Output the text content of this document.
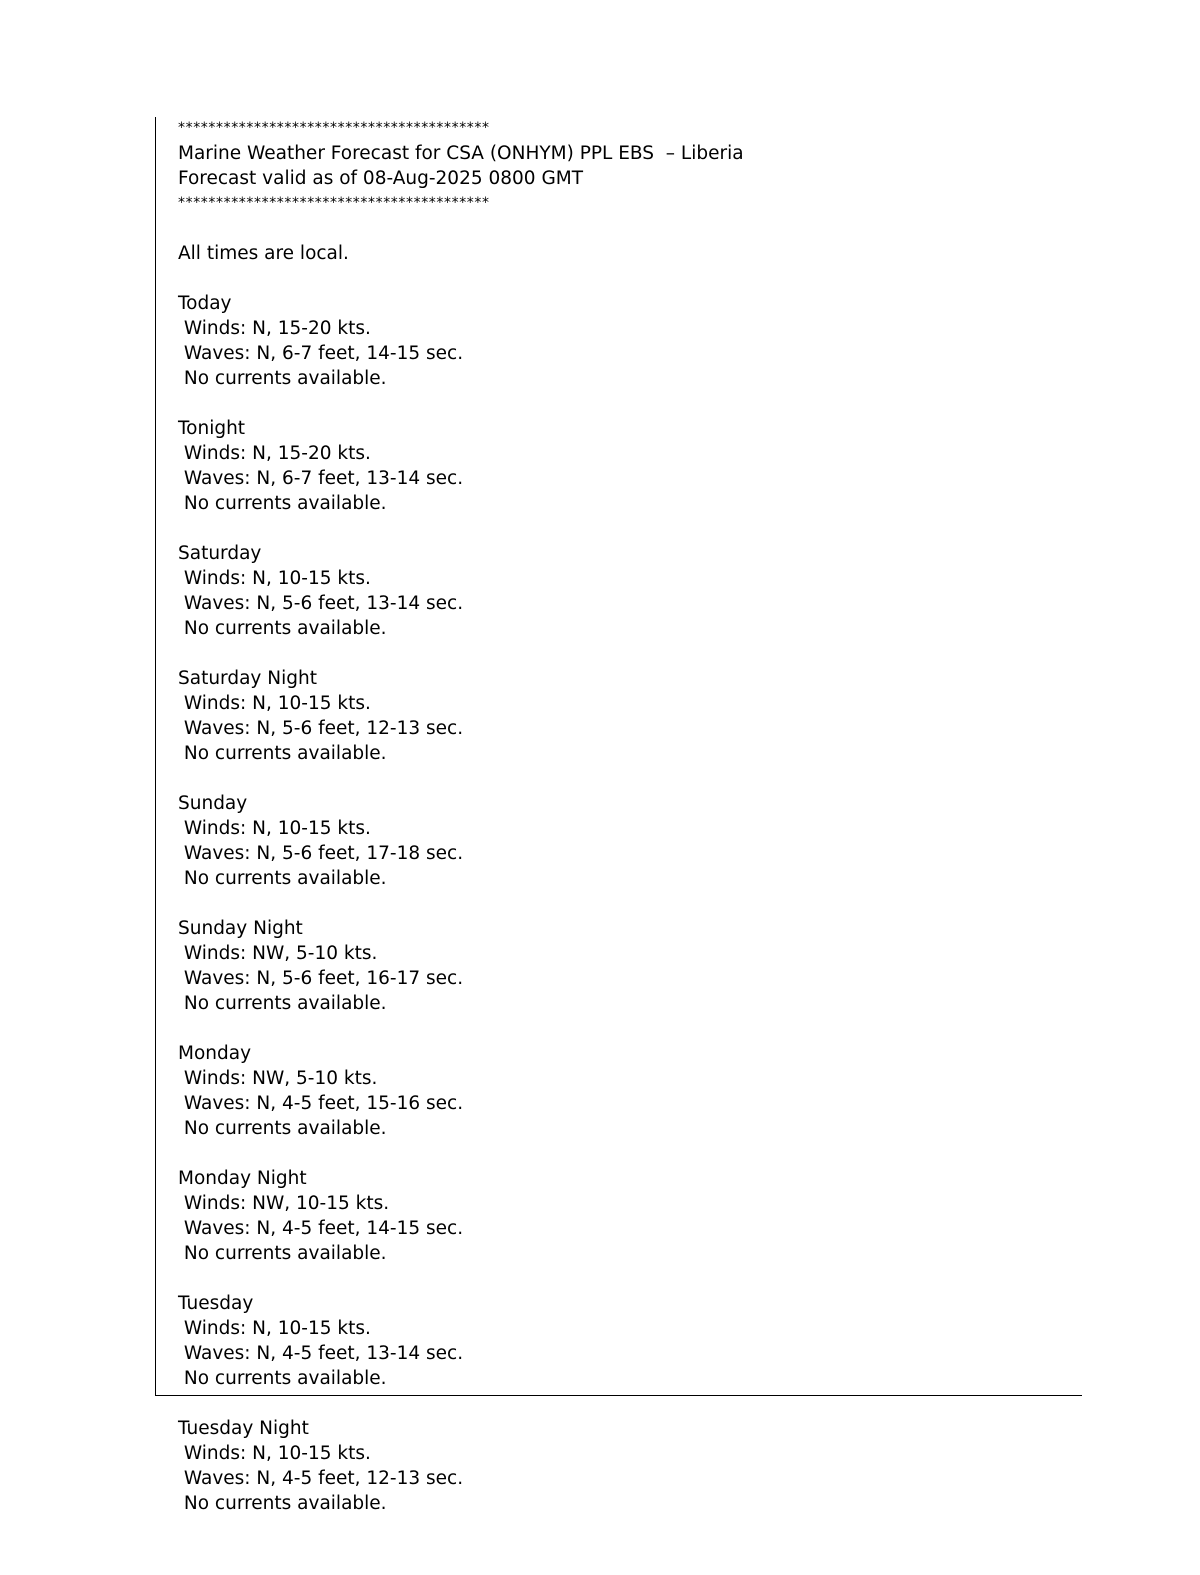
*****************************************
Marine Weather Forecast for CSA (ONHYM) PPL EBS  – Liberia
Forecast valid as of 08-Aug-2025 0800 GMT
*****************************************
All times are local.
Today
Winds: N, 15-20 kts.
Waves: N, 6-7 feet, 14-15 sec.
No currents available.
Tonight
Winds: N, 15-20 kts.
Waves: N, 6-7 feet, 13-14 sec.
No currents available.
Saturday
Winds: N, 10-15 kts.
Waves: N, 5-6 feet, 13-14 sec.
No currents available.
Saturday Night
Winds: N, 10-15 kts.
Waves: N, 5-6 feet, 12-13 sec.
No currents available.
Sunday
Winds: N, 10-15 kts.
Waves: N, 5-6 feet, 17-18 sec.
No currents available.
Sunday Night
Winds: NW, 5-10 kts.
Waves: N, 5-6 feet, 16-17 sec.
No currents available.
Monday
Winds: NW, 5-10 kts.
Waves: N, 4-5 feet, 15-16 sec.
No currents available.
Monday Night
Winds: NW, 10-15 kts.
Waves: N, 4-5 feet, 14-15 sec.
No currents available.
Tuesday
Winds: N, 10-15 kts.
Waves: N, 4-5 feet, 13-14 sec.
No currents available.
Tuesday Night
Winds: N, 10-15 kts.
Waves: N, 4-5 feet, 12-13 sec.
No currents available.
